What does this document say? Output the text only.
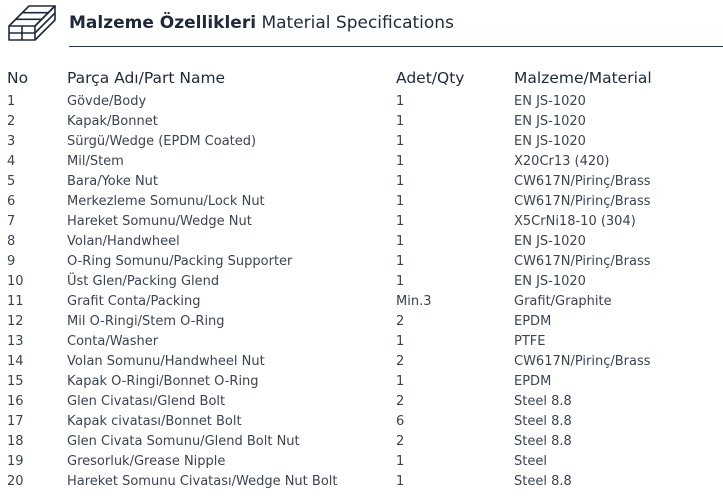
Malzeme Özellikleri Material Specifications
No	Parça Adı/Part Name	Adet/Qty	Malzeme/Material
1	Gövde/Body	1	EN JS-1020
2	Kapak/Bonnet	1	EN JS-1020
3	Sürgü/Wedge (EPDM Coated)	1	EN JS-1020
4	Mil/Stem	1	X20Cr13 (420)
5	Bara/Yoke Nut	1	CW617N/Pirinç/Brass
6	Merkezleme Somunu/Lock Nut	1	CW617N/Pirinç/Brass
7	Hareket Somunu/Wedge Nut	1	X5CrNi18-10 (304)
8	Volan/Handwheel	1	EN JS-1020
9	O-Ring Somunu/Packing Supporter	1	CW617N/Pirinç/Brass
10	Üst Glen/Packing Glend	1	EN JS-1020
11	Grafit Conta/Packing	Min.3	Grafit/Graphite
12	Mil O-Ringi/Stem O-Ring	2	EPDM
13	Conta/Washer	1	PTFE
14	Volan Somunu/Handwheel Nut	2	CW617N/Pirinç/Brass
15	Kapak O-Ringi/Bonnet O-Ring	1	EPDM
16	Glen Civatası/Glend Bolt	2	Steel 8.8
17	Kapak civatası/Bonnet Bolt	6	Steel 8.8
18	Glen Civata Somunu/Glend Bolt Nut	2	Steel 8.8
19	Gresorluk/Grease Nipple	1	Steel
20	Hareket Somunu Civatası/Wedge Nut Bolt	1	Steel 8.8
